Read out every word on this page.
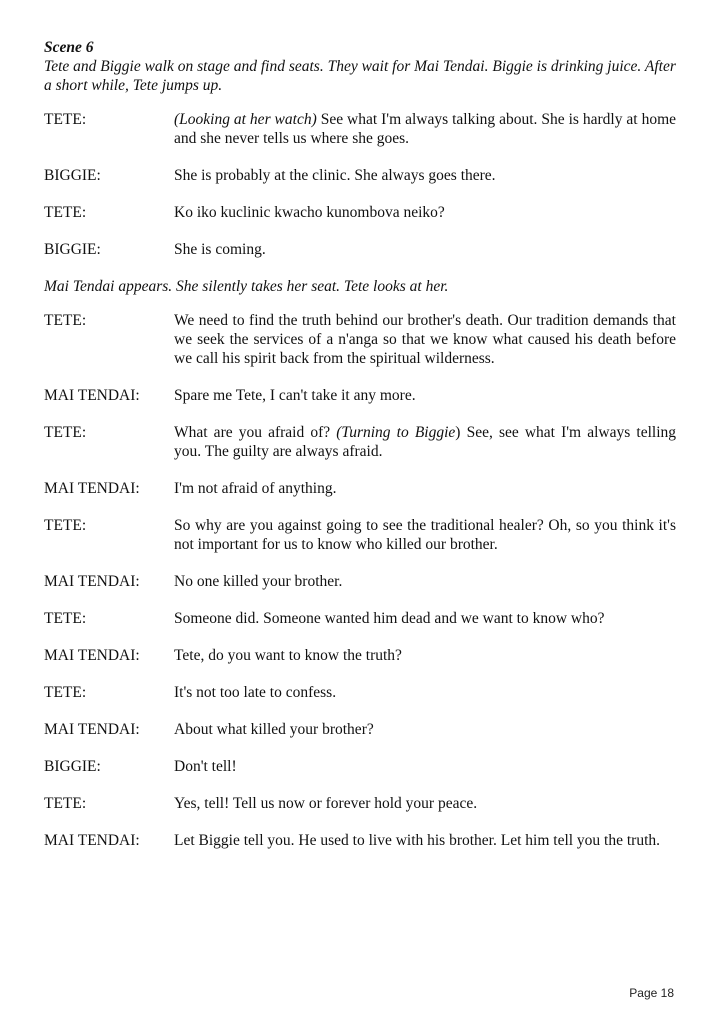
Scene 6

Tete and Biggie walk on stage and find seats. They wait for Mai Tendai. Biggie is drinking juice. After a short while, Tete jumps up.

TETE:	(Looking at her watch) See what I'm always talking about. She is hardly at home and she never tells us where she goes.
BIGGIE:	She is probably at the clinic. She always goes there.
TETE:	Ko iko kuclinic kwacho kunombova neiko?
BIGGIE:	She is coming.

Mai Tendai appears. She silently takes her seat. Tete looks at her.

TETE:	We need to find the truth behind our brother's death. Our tradition demands that we seek the services of a n'anga so that we know what caused his death before we call his spirit back from the spiritual wilderness.
MAI TENDAI:	Spare me Tete, I can't take it any more.
TETE:	What are you afraid of? (Turning to Biggie) See, see what I'm always telling you. The guilty are always afraid.
MAI TENDAI:	I'm not afraid of anything.
TETE:	So why are you against going to see the traditional healer? Oh, so you think it's not important for us to know who killed our brother.
MAI TENDAI:	No one killed your brother.
TETE:	Someone did. Someone wanted him dead and we want to know who?
MAI TENDAI:	Tete, do you want to know the truth?
TETE:	It's not too late to confess.
MAI TENDAI:	About what killed your brother?
BIGGIE:	Don't tell!
TETE:	Yes, tell! Tell us now or forever hold your peace.
MAI TENDAI:	Let Biggie tell you. He used to live with his brother. Let him tell you the truth.
Page 18
